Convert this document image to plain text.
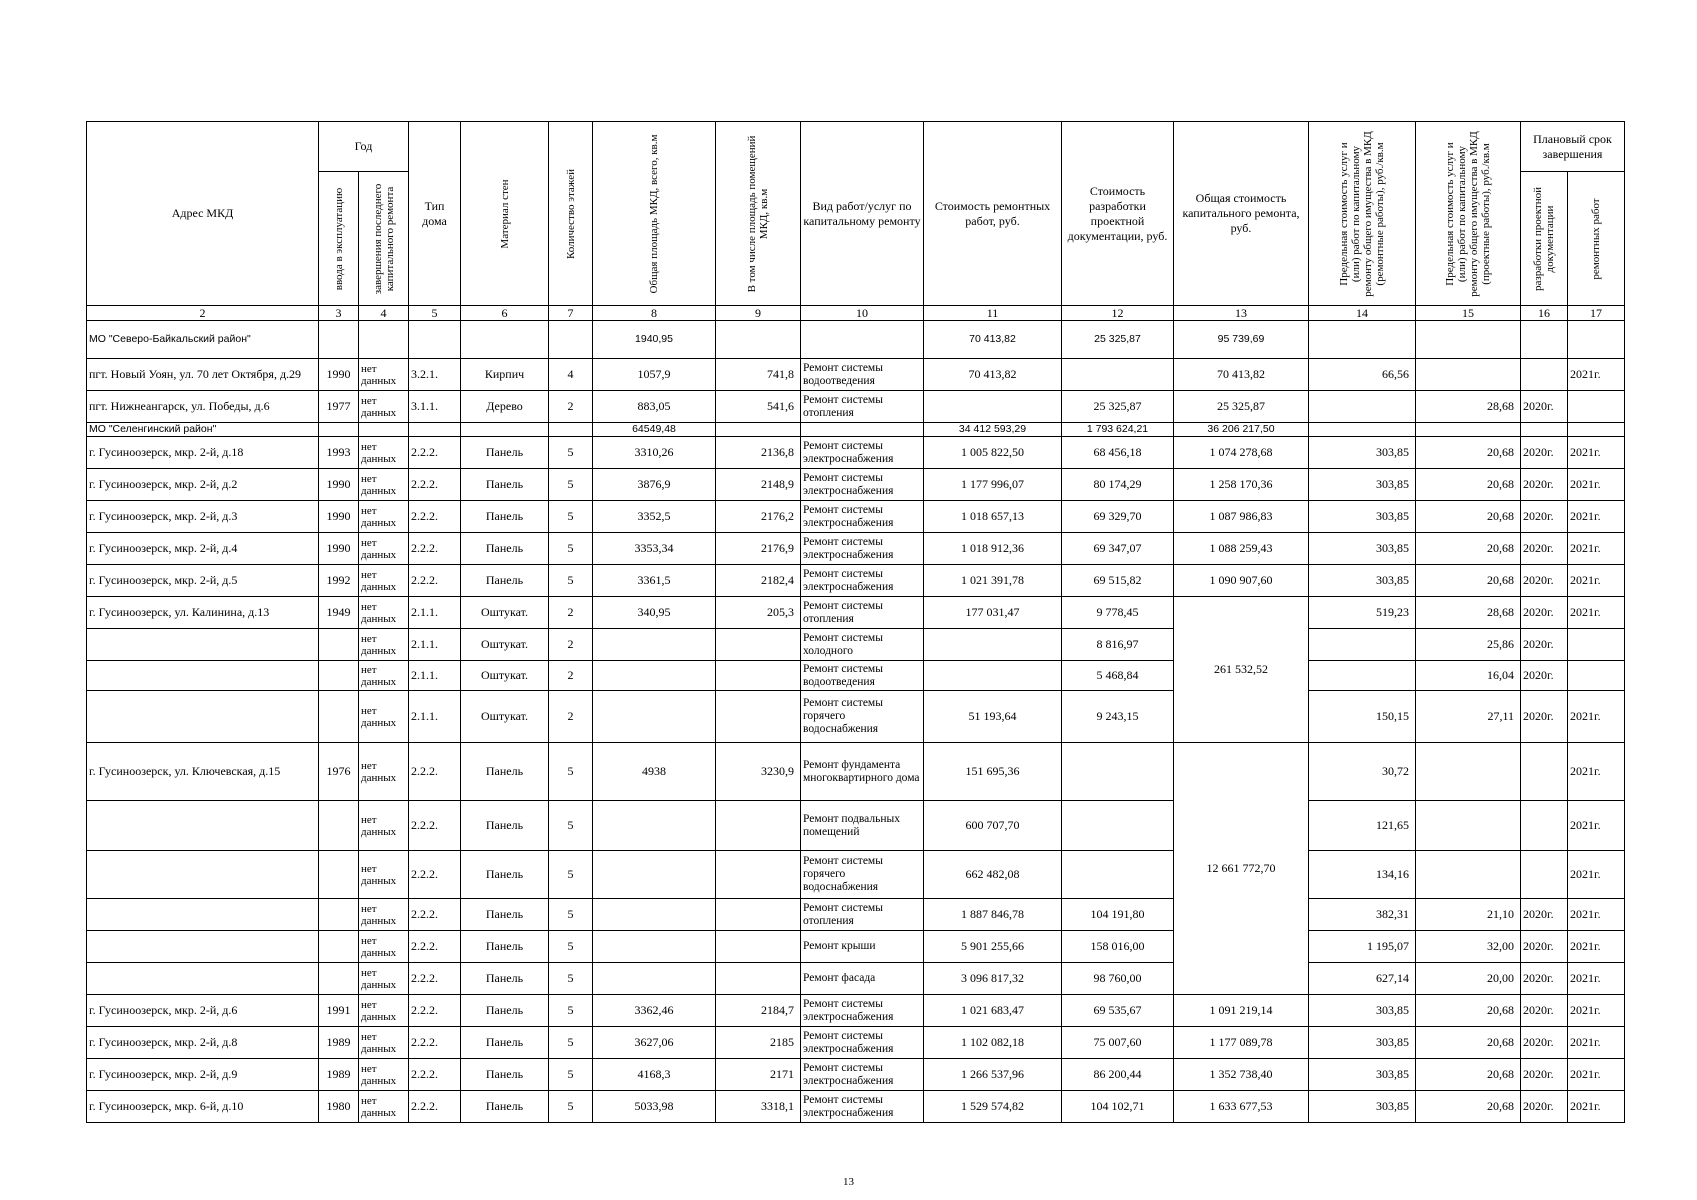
Адрес МКД	Год		Тип дома	Материал стен	Количество этажей	Общая площадь МКД, всего, кв.м	В том числе площадь помещений МКД, кв.м	Вид работ/услуг по капитальному ремонту	Стоимость ремонтных работ, руб.	Стоимость разработки проектной документации, руб.	Общая стоимость капитального ремонта, руб.	Предельная стоимость услуг и (или) работ по капитальному ремонту общего имущества в МКД (ремонтные работы), руб./кв.м	Предельная стоимость услуг и (или) работ по капитальному ремонту общего имущества в МКД (проектные работы), руб./кв.м	Плановый срок завершения	

	ввода в эксплуатацию	завершения последнего капитального ремонта												разработки проектной документации	ремонтных работ

2	3	4	5	6	7	8	9	10	11	12	13	14	15	16	17
МО "Северо-Байкальский район"						1940,95			70 413,82	25 325,87	95 739,69				
пгт. Новый Уоян, ул. 70 лет Октября, д.29	1990	нет данных	3.2.1.	Кирпич	4	1057,9	741,8	Ремонт системы водоотведения	70 413,82		70 413,82	66,56			2021г.
пгт. Нижнеангарск, ул. Победы, д.6	1977	нет данных	3.1.1.	Дерево	2	883,05	541,6	Ремонт системы отопления		25 325,87	25 325,87		28,68	2020г.	
МО "Селенгинский район"						64549,48			34 412 593,29	1 793 624,21	36 206 217,50				
г. Гусиноозерск, мкр. 2-й, д.18	1993	нет данных	2.2.2.	Панель	5	3310,26	2136,8	Ремонт системы электроснабжения	1 005 822,50	68 456,18	1 074 278,68	303,85	20,68	2020г.	2021г.
г. Гусиноозерск, мкр. 2-й, д.2	1990	нет данных	2.2.2.	Панель	5	3876,9	2148,9	Ремонт системы электроснабжения	1 177 996,07	80 174,29	1 258 170,36	303,85	20,68	2020г.	2021г.
г. Гусиноозерск, мкр. 2-й, д.3	1990	нет данных	2.2.2.	Панель	5	3352,5	2176,2	Ремонт системы электроснабжения	1 018 657,13	69 329,70	1 087 986,83	303,85	20,68	2020г.	2021г.
г. Гусиноозерск, мкр. 2-й, д.4	1990	нет данных	2.2.2.	Панель	5	3353,34	2176,9	Ремонт системы электроснабжения	1 018 912,36	69 347,07	1 088 259,43	303,85	20,68	2020г.	2021г.
г. Гусиноозерск, мкр. 2-й, д.5	1992	нет данных	2.2.2.	Панель	5	3361,5	2182,4	Ремонт системы электроснабжения	1 021 391,78	69 515,82	1 090 907,60	303,85	20,68	2020г.	2021г.
г. Гусиноозерск, ул. Калинина, д.13	1949	нет данных	2.1.1.	Оштукат.	2	340,95	205,3	Ремонт системы отопления	177 031,47	9 778,45	261 532,52	519,23	28,68	2020г.	2021г.
		нет данных	2.1.1.	Оштукат.	2			Ремонт системы холодного		8 816,97			25,86	2020г.	
		нет данных	2.1.1.	Оштукат.	2			Ремонт системы водоотведения		5 468,84			16,04	2020г.	
		нет данных	2.1.1.	Оштукат.	2			Ремонт системы горячего водоснабжения	51 193,64	9 243,15		150,15	27,11	2020г.	2021г.
г. Гусиноозерск, ул. Ключевская, д.15	1976	нет данных	2.2.2.	Панель	5	4938	3230,9	Ремонт фундамента многоквартирного дома	151 695,36		12 661 772,70	30,72			2021г.
		нет данных	2.2.2.	Панель	5			Ремонт подвальных помещений	600 707,70			121,65			2021г.
		нет данных	2.2.2.	Панель	5			Ремонт системы горячего водоснабжения	662 482,08			134,16			2021г.
		нет данных	2.2.2.	Панель	5			Ремонт системы отопления	1 887 846,78	104 191,80		382,31	21,10	2020г.	2021г.
		нет данных	2.2.2.	Панель	5			Ремонт крыши	5 901 255,66	158 016,00		1 195,07	32,00	2020г.	2021г.
		нет данных	2.2.2.	Панель	5			Ремонт фасада	3 096 817,32	98 760,00		627,14	20,00	2020г.	2021г.
г. Гусиноозерск, мкр. 2-й, д.6	1991	нет данных	2.2.2.	Панель	5	3362,46	2184,7	Ремонт системы электроснабжения	1 021 683,47	69 535,67	1 091 219,14	303,85	20,68	2020г.	2021г.
г. Гусиноозерск, мкр. 2-й, д.8	1989	нет данных	2.2.2.	Панель	5	3627,06	2185	Ремонт системы электроснабжения	1 102 082,18	75 007,60	1 177 089,78	303,85	20,68	2020г.	2021г.
г. Гусиноозерск, мкр. 2-й, д.9	1989	нет данных	2.2.2.	Панель	5	4168,3	2171	Ремонт системы электроснабжения	1 266 537,96	86 200,44	1 352 738,40	303,85	20,68	2020г.	2021г.
г. Гусиноозерск, мкр. 6-й, д.10	1980	нет данных	2.2.2.	Панель	5	5033,98	3318,1	Ремонт системы электроснабжения	1 529 574,82	104 102,71	1 633 677,53	303,85	20,68	2020г.	2021г.
13
